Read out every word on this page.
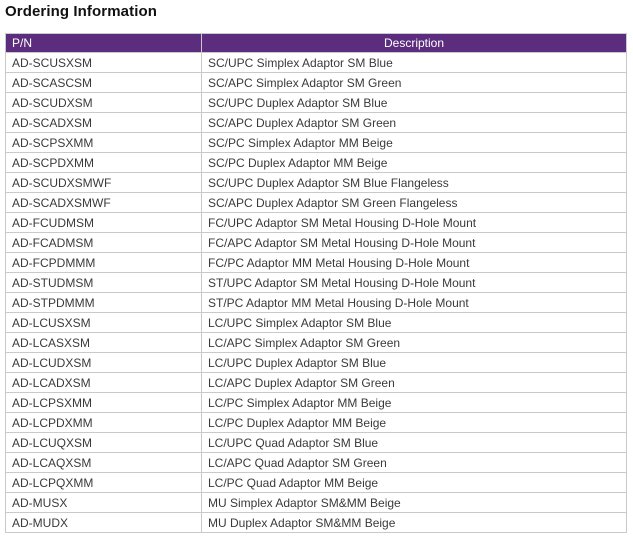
Ordering Information
P/N	Description
AD-SCUSXSM	SC/UPC Simplex Adaptor SM Blue
AD-SCASCSM	SC/APC Simplex Adaptor SM Green
AD-SCUDXSM	SC/UPC Duplex Adaptor SM Blue
AD-SCADXSM	SC/APC Duplex Adaptor SM Green
AD-SCPSXMM	SC/PC Simplex Adaptor MM Beige
AD-SCPDXMM	SC/PC Duplex Adaptor MM Beige
AD-SCUDXSMWF	SC/UPC Duplex Adaptor SM Blue Flangeless
AD-SCADXSMWF	SC/APC Duplex Adaptor SM Green Flangeless
AD-FCUDMSM	FC/UPC Adaptor SM Metal Housing D-Hole Mount
AD-FCADMSM	FC/APC Adaptor SM Metal Housing D-Hole Mount
AD-FCPDMMM	FC/PC Adaptor MM Metal Housing D-Hole Mount
AD-STUDMSM	ST/UPC Adaptor SM Metal Housing D-Hole Mount
AD-STPDMMM	ST/PC Adaptor MM Metal Housing D-Hole Mount
AD-LCUSXSM	LC/UPC Simplex Adaptor SM Blue
AD-LCASXSM	LC/APC Simplex Adaptor SM Green
AD-LCUDXSM	LC/UPC Duplex Adaptor SM Blue
AD-LCADXSM	LC/APC Duplex Adaptor SM Green
AD-LCPSXMM	LC/PC Simplex Adaptor MM Beige
AD-LCPDXMM	LC/PC Duplex Adaptor MM Beige
AD-LCUQXSM	LC/UPC Quad Adaptor SM Blue
AD-LCAQXSM	LC/APC Quad Adaptor SM Green
AD-LCPQXMM	LC/PC Quad Adaptor MM Beige
AD-MUSX	MU Simplex Adaptor SM&MM Beige
AD-MUDX	MU Duplex Adaptor SM&MM Beige
